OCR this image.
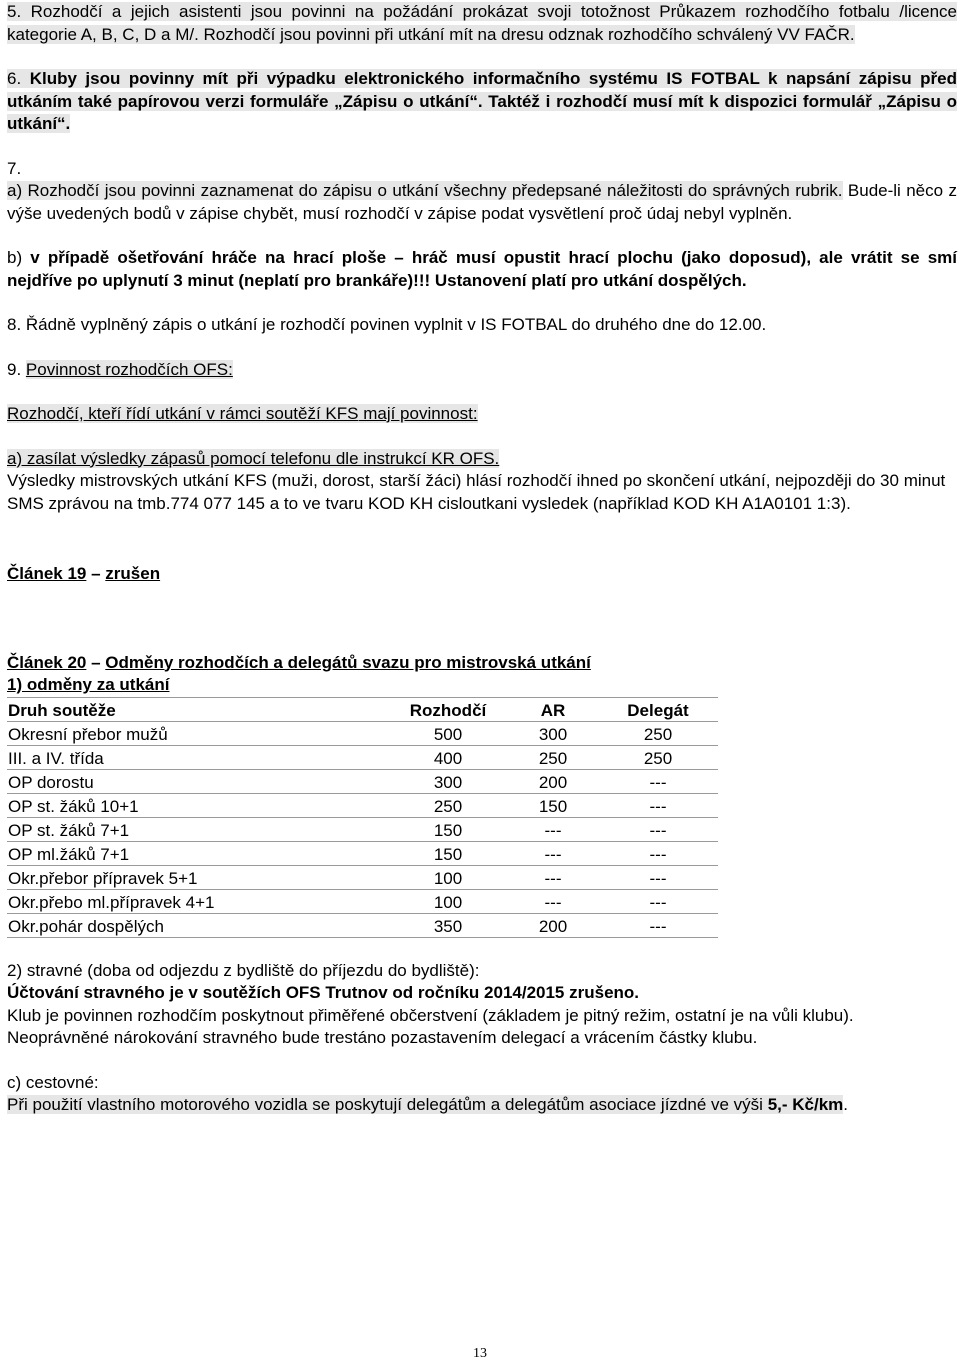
5. Rozhodčí a jejich asistenti jsou povinni na požádání prokázat svoji totožnost Průkazem rozhodčího fotbalu /licence kategorie A, B, C, D a M/. Rozhodčí jsou povinni při utkání mít na dresu odznak rozhodčího schválený VV FAČR.

6. Kluby jsou povinny mít při výpadku elektronického informačního systému IS FOTBAL k napsání zápisu před utkáním také papírovou verzi formuláře „Zápisu o utkání“. Taktéž i rozhodčí musí mít k dispozici formulář „Zápisu o utkání“.

7.

a) Rozhodčí jsou povinni zaznamenat do zápisu o utkání všechny předepsané náležitosti do správných rubrik. Bude-li něco z výše uvedených bodů v zápise chybět, musí rozhodčí v zápise podat vysvětlení proč údaj nebyl vyplněn.

b) v případě ošetřování hráče na hrací ploše – hráč musí opustit hrací plochu (jako doposud), ale vrátit se smí nejdříve po uplynutí 3 minut (neplatí pro brankáře)!!! Ustanovení platí pro utkání dospělých.

8. Řádně vyplněný zápis o utkání je rozhodčí povinen vyplnit v IS FOTBAL do druhého dne do 12.00.

9. Povinnost rozhodčích OFS:

Rozhodčí, kteří řídí utkání v rámci soutěží KFS mají povinnost:

a) zasílat výsledky zápasů pomocí telefonu dle instrukcí KR OFS.

Výsledky mistrovských utkání KFS (muži, dorost, starší žáci) hlásí rozhodčí ihned po skončení utkání, nejpozději do 30 minut SMS zprávou na tmb.774 077 145 a to ve tvaru KOD KH cisloutkani vysledek (například KOD KH A1A0101 1:3).

Článek 19 – zrušen

Článek 20 – Odměny rozhodčích a delegátů svazu pro mistrovská utkání

1) odměny za utkání

Druh soutěže	Rozhodčí	AR	Delegát
Okresní přebor mužů	500	300	250
III. a IV. třída	400	250	250
OP dorostu	300	200	---
OP st. žáků 10+1	250	150	---
OP st. žáků 7+1	150	---	---
OP ml.žáků 7+1	150	---	---
Okr.přebor přípravek 5+1	100	---	---
Okr.přebo ml.přípravek 4+1	100	---	---
Okr.pohár dospělých	350	200	---

2) stravné (doba od odjezdu z bydliště do příjezdu do bydliště):

Účtování stravného je v soutěžích OFS Trutnov od ročníku 2014/2015 zrušeno.

Klub je povinnen rozhodčím poskytnout přiměřené občerstvení (základem je pitný režim, ostatní je na vůli klubu).

Neoprávněné nárokování stravného bude trestáno pozastavením delegací a vrácením částky klubu.

c) cestovné:

Při použití vlastního motorového vozidla se poskytují delegátům a delegátům asociace jízdné ve výši 5,- Kč/km.

13
